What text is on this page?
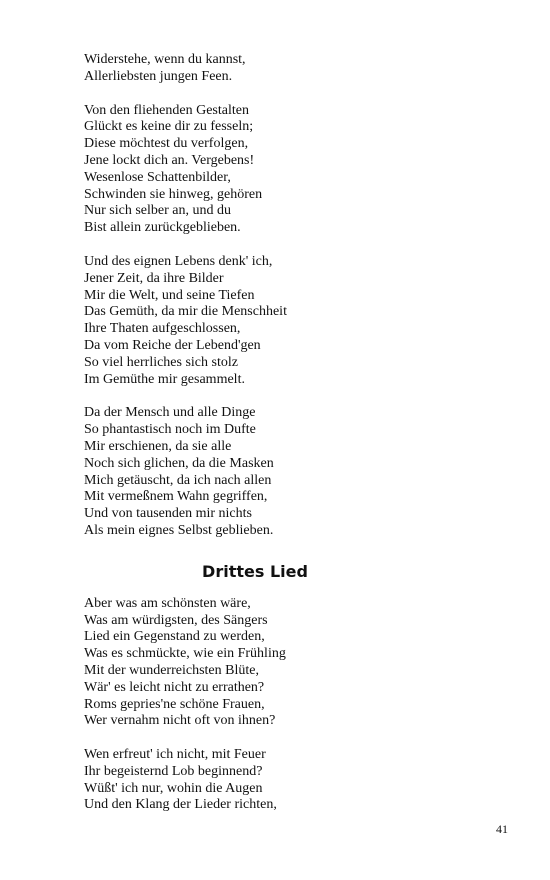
Widerstehe, wenn du kannst,
Allerliebsten jungen Feen.
Von den fliehenden Gestalten
Glückt es keine dir zu fesseln;
Diese möchtest du verfolgen,
Jene lockt dich an. Vergebens!
Wesenlose Schattenbilder,
Schwinden sie hinweg, gehören
Nur sich selber an, und du
Bist allein zurückgeblieben.
Und des eignen Lebens denk' ich,
Jener Zeit, da ihre Bilder
Mir die Welt, und seine Tiefen
Das Gemüth, da mir die Menschheit
Ihre Thaten aufgeschlossen,
Da vom Reiche der Lebend'gen
So viel herrliches sich stolz
Im Gemüthe mir gesammelt.
Da der Mensch und alle Dinge
So phantastisch noch im Dufte
Mir erschienen, da sie alle
Noch sich glichen, da die Masken
Mich getäuscht, da ich nach allen
Mit vermeßnem Wahn gegriffen,
Und von tausenden mir nichts
Als mein eignes Selbst geblieben.
Drittes Lied
Aber was am schönsten wäre,
Was am würdigsten, des Sängers
Lied ein Gegenstand zu werden,
Was es schmückte, wie ein Frühling
Mit der wunderreichsten Blüte,
Wär' es leicht nicht zu errathen?
Roms gepries'ne schöne Frauen,
Wer vernahm nicht oft von ihnen?
Wen erfreut' ich nicht, mit Feuer
Ihr begeisternd Lob beginnend?
Wüßt' ich nur, wohin die Augen
Und den Klang der Lieder richten,
41
